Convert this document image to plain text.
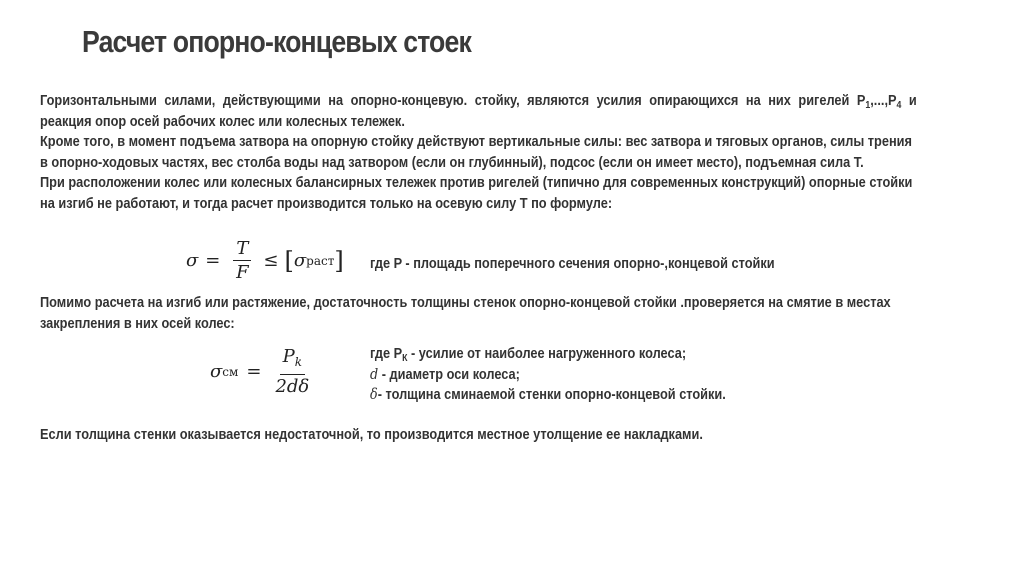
Расчет опорно-концевых стоек

Горизонтальными силами, действующими на опорно-концевую. стойку, являются усилия опирающихся на них ригелей $P_1,...,P_4$ и

реакция опор осей рабочих колес или колесных тележек.

Кроме того, в момент подъема затвора на опорную стойку действуют вертикальные силы: вес затвора и тяговых органов, силы трения

в опорно-ходовых частях, вес столба воды над затвором (если он глубинный), подсос (если он имеет место), подъемная сила T.

При расположении колес или колесных балансирных тележек против ригелей (типично для современных конструкций) опорные стойки

на изгиб не работают, и тогда расчет производится только на осевую силу T по формуле:

$\sigma = \frac{T}{F}$ ≤ [ σ раст ] где P - площадь поперечного сечения опорно-,концевой стойки

Помимо расчета на изгиб или растяжение, достаточность толщины стенок опорно-концевой стойки .проверяется на смятие в местах

закрепления в них осей колес:

σ см = $\frac{P_k}{2d\delta}$	где $P_К$ - усилие от наиболее нагруженного колеса;

d - диаметр оси колеса;

δ- толщина сминаемой стенки опорно-концевой стойки.

Если толщина стенки оказывается недостаточной, то производится местное утолщение ее накладками.
